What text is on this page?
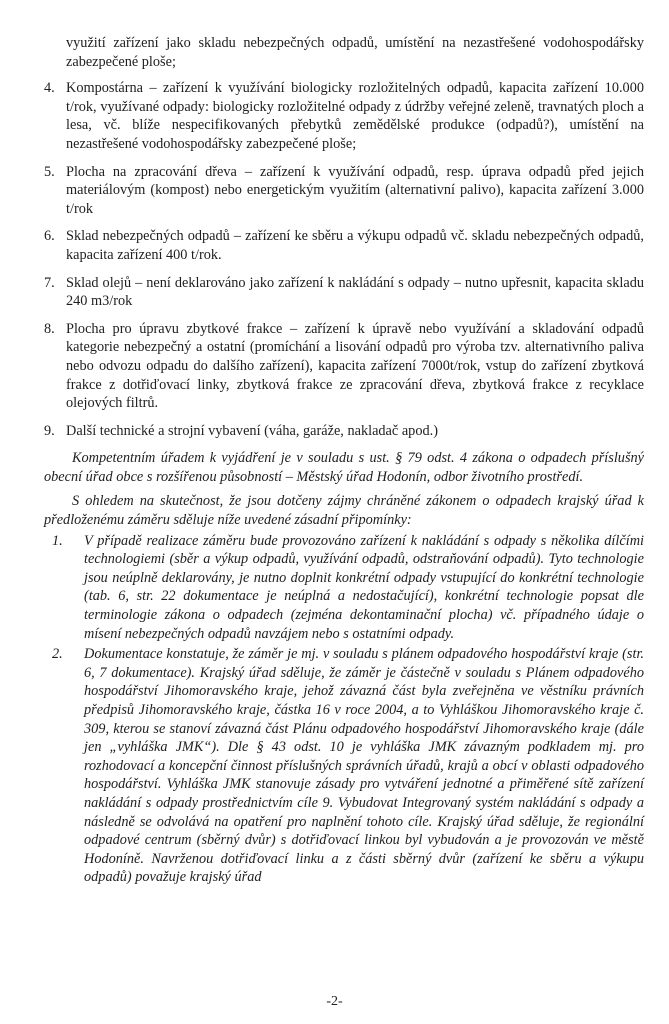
využití zařízení jako skladu nebezpečných odpadů, umístění na nezastřešené vodohospodářsky zabezpečené ploše;

4. Kompostárna – zařízení k využívání biologicky rozložitelných odpadů, kapacita zařízení 10.000 t/rok, využívané odpady: biologicky rozložitelné odpady z údržby veřejné zeleně, travnatých ploch a lesa, vč. blíže nespecifikovaných přebytků zemědělské produkce (odpadů?), umístění na nezastřešené vodohospodářsky zabezpečené ploše;
5. Plocha na zpracování dřeva – zařízení k využívání odpadů, resp. úprava odpadů před jejich materiálovým (kompost) nebo energetickým využitím (alternativní palivo), kapacita zařízení 3.000 t/rok
6. Sklad nebezpečných odpadů – zařízení ke sběru a výkupu odpadů vč. skladu nebezpečných odpadů, kapacita zařízení 400 t/rok.
7. Sklad olejů – není deklarováno jako zařízení k nakládání s odpady – nutno upřesnit, kapacita skladu 240 m3/rok
8. Plocha pro úpravu zbytkové frakce – zařízení k úpravě nebo využívání a skladování odpadů kategorie nebezpečný a ostatní (promíchání a lisování odpadů pro výroba tzv. alternativního paliva nebo odvozu odpadu do dalšího zařízení), kapacita zařízení 7000t/rok, vstup do zařízení zbytková frakce z dotřiďovací linky, zbytková frakce ze zpracování dřeva, zbytková frakce z recyklace olejových filtrů.
9. Další technické a strojní vybavení (váha, garáže, nakladač apod.)

Kompetentním úřadem k vyjádření je v souladu s ust. § 79 odst. 4 zákona o odpadech příslušný obecní úřad obce s rozšířenou působností – Městský úřad Hodonín, odbor životního prostředí.

S ohledem na skutečnost, že jsou dotčeny zájmy chráněné zákonem o odpadech krajský úřad k předloženému záměru sděluje níže uvedené zásadní připomínky:

1. V případě realizace záměru bude provozováno zařízení k nakládání s odpady s několika dílčími technologiemi (sběr a výkup odpadů, využívání odpadů, odstraňování odpadů). Tyto technologie jsou neúplně deklarovány, je nutno doplnit konkrétní odpady vstupující do konkrétní technologie (tab. 6, str. 22 dokumentace je neúplná a nedostačující), konkrétní technologie popsat dle terminologie zákona o odpadech (zejména dekontaminační plocha) vč. případného údaje o mísení nebezpečných odpadů navzájem nebo s ostatními odpady.
2. Dokumentace konstatuje, že záměr je mj. v souladu s plánem odpadového hospodářství kraje (str. 6, 7 dokumentace). Krajský úřad sděluje, že záměr je částečně v souladu s Plánem odpadového hospodářství Jihomoravského kraje, jehož závazná část byla zveřejněna ve věstníku právních předpisů Jihomoravského kraje, částka 16 v roce 2004, a to Vyhláškou Jihomoravského kraje č. 309, kterou se stanoví závazná část Plánu odpadového hospodářství Jihomoravského kraje (dále jen „vyhláška JMK“). Dle § 43 odst. 10 je vyhláška JMK závazným podkladem mj. pro rozhodovací a koncepční činnost příslušných správních úřadů, krajů a obcí v oblasti odpadového hospodářství. Vyhláška JMK stanovuje zásady pro vytváření jednotné a přiměřené sítě zařízení nakládání s odpady prostřednictvím cíle 9. Vybudovat Integrovaný systém nakládání s odpady a následně se odvolává na opatření pro naplnění tohoto cíle. Krajský úřad sděluje, že regionální odpadové centrum (sběrný dvůr) s dotřiďovací linkou byl vybudován a je provozován ve městě Hodoníně. Navrženou dotřiďovací linku a z části sběrný dvůr (zařízení ke sběru a výkupu odpadů) považuje krajský úřad
-2-
